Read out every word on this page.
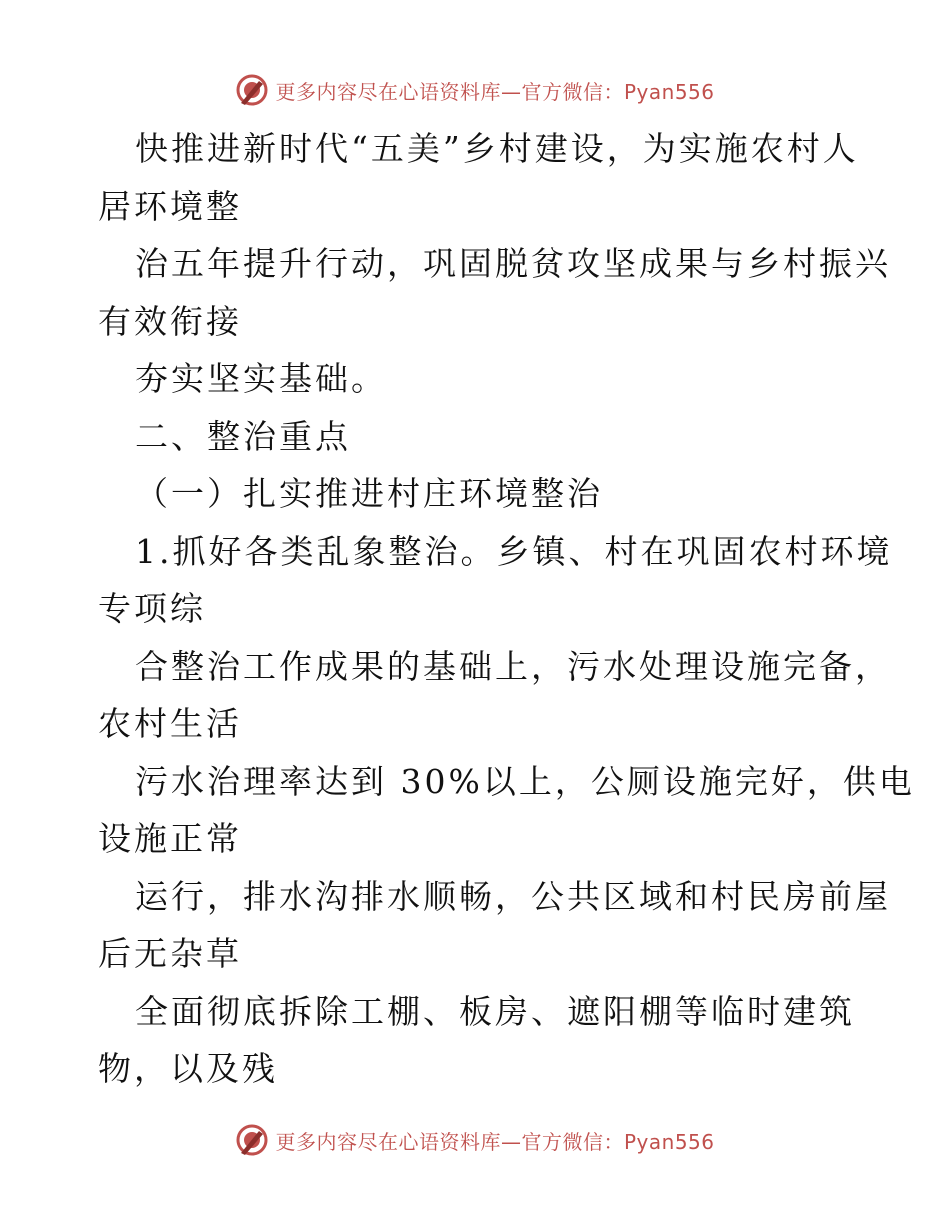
更多内容尽在心语资料库—官方微信：Pyan556
快推进新时代“五美”乡村建设，为实施农村人
居环境整
治五年提升行动，巩固脱贫攻坚成果与乡村振兴
有效衔接
夯实坚实基础。
二、整治重点
（一）扎实推进村庄环境整治
1.抓好各类乱象整治。乡镇、村在巩固农村环境
专项综
合整治工作成果的基础上，污水处理设施完备，
农村生活
污水治理率达到 30%以上，公厕设施完好，供电
设施正常
运行，排水沟排水顺畅，公共区域和村民房前屋
后无杂草
全面彻底拆除工棚、板房、遮阳棚等临时建筑
物，以及残
更多内容尽在心语资料库—官方微信：Pyan556
